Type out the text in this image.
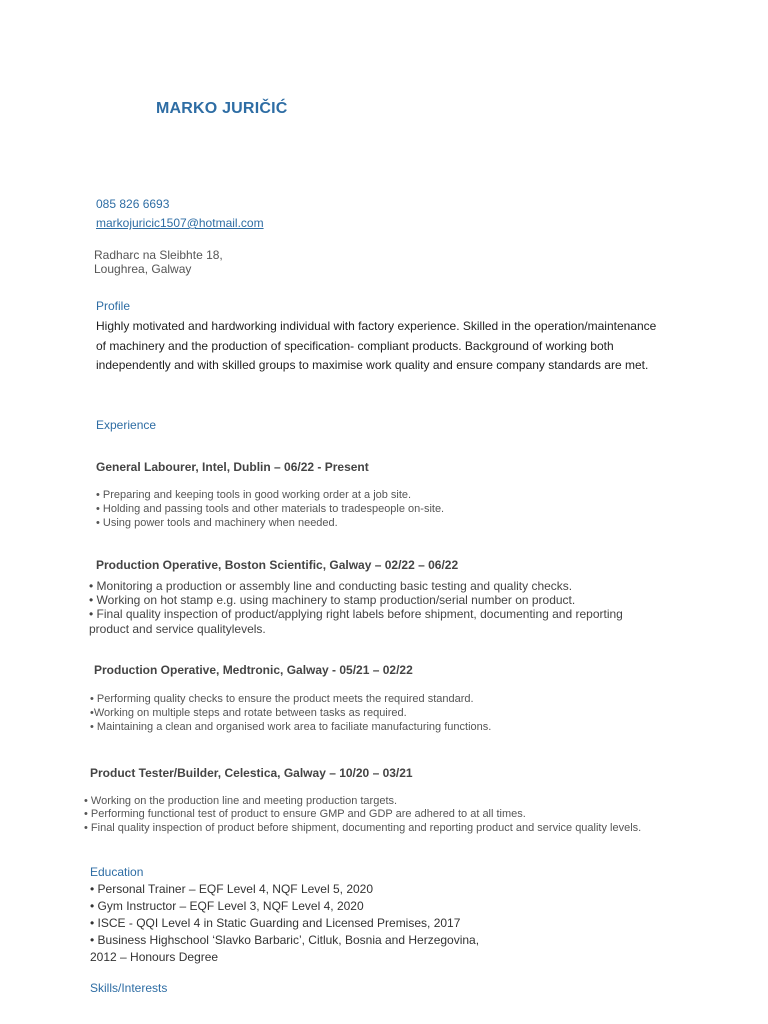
MARKO JURIČIĆ
085 826 6693
markojuricic1507@hotmail.com
Radharc na Sleibhte 18,
Loughrea, Galway
Profile
Highly motivated and hardworking individual with factory experience. Skilled in the operation/maintenance of machinery and the production of specification- compliant products. Background of working both independently and with skilled groups to maximise work quality and ensure company standards are met.
Experience
General Labourer, Intel, Dublin – 06/22 - Present
• Preparing and keeping tools in good working order at a job site.
• Holding and passing tools and other materials to tradespeople on-site.
• Using power tools and machinery when needed.
Production Operative, Boston Scientific, Galway – 02/22 – 06/22
• Monitoring a production or assembly line and conducting basic testing and quality checks.
• Working on hot stamp e.g. using machinery to stamp production/serial number on product.
• Final quality inspection of product/applying right labels before shipment, documenting and reporting
product and service qualitylevels.
Production Operative, Medtronic, Galway - 05/21 – 02/22
• Performing quality checks to ensure the product meets the required standard.
•Working on multiple steps and rotate between tasks as required.
• Maintaining a clean and organised work area to faciliate manufacturing functions.
Product Tester/Builder, Celestica, Galway – 10/20 – 03/21
• Working on the production line and meeting production targets.
• Performing functional test of product to ensure GMP and GDP are adhered to at all times.
• Final quality inspection of product before shipment, documenting and reporting product and service quality levels.
Education
• Personal Trainer – EQF Level 4, NQF Level 5, 2020
• Gym Instructor – EQF Level 3, NQF Level 4, 2020
• ISCE - QQI Level 4 in Static Guarding and Licensed Premises, 2017
• Business Highschool ‘Slavko Barbaric’, Citluk, Bosnia and Herzegovina,
2012 – Honours Degree
Skills/Interests
